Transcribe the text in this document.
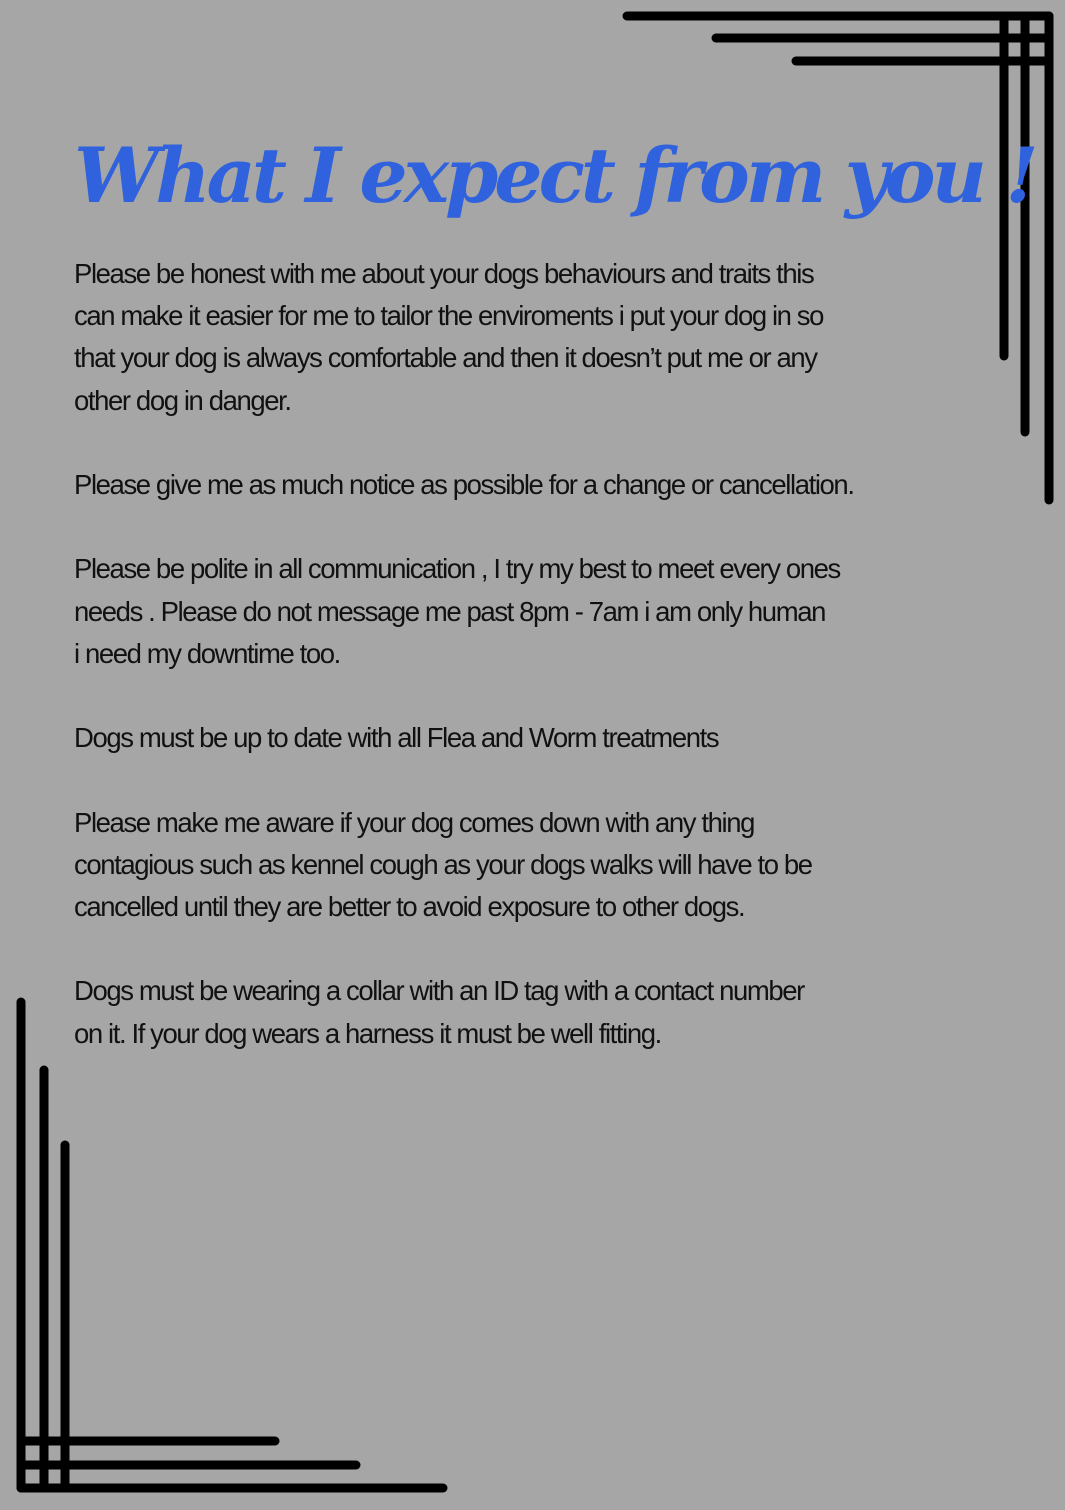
What I expect from you !

Please be honest with me about your dogs behaviours and traits this
can make it easier for me to tailor the enviroments i put your dog in so
that your dog is always comfortable and then it doesn’t put me or any
other dog in danger.

Please give me as much notice as possible for a change or cancellation.

Please be polite in all communication , I try my best to meet every ones
needs . Please do not message me past 8pm - 7am i am only human
i need my downtime too.

Dogs must be up to date with all Flea and Worm treatments

Please make me aware if your dog comes down with any thing
contagious such as kennel cough as your dogs walks will have to be
cancelled until they are better to avoid exposure to other dogs.

Dogs must be wearing a collar with an ID tag with a contact number
on it. If your dog wears a harness it must be well fitting.
